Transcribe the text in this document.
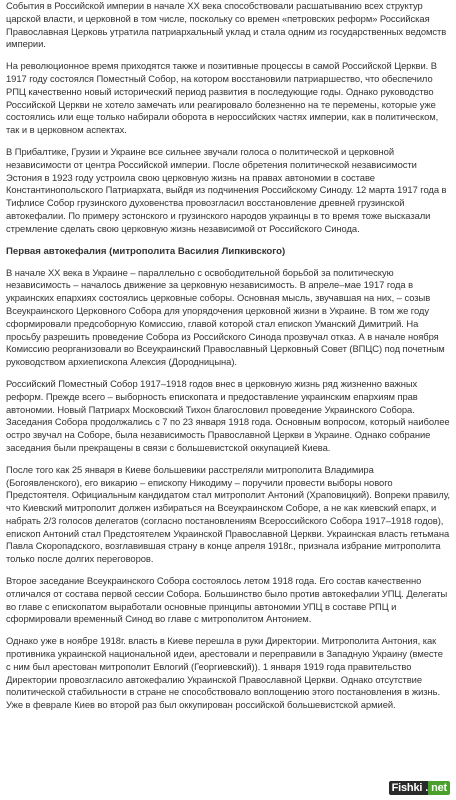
События в Российской империи в начале XX века способствовали расшатыванию всех структур царской власти, и церковной в том числе, поскольку со времен «петровских реформ» Российская Православная Церковь утратила патриархальный уклад и стала одним из государственных ведомств империи.

На революционное время приходятся также и позитивные процессы в самой Российской Церкви. В 1917 году состоялся Поместный Собор, на котором восстановили патриаршество, что обеспечило РПЦ качественно новый исторический период развития в последующие годы. Однако руководство Российской Церкви не хотело замечать или реагировало болезненно на те перемены, которые уже состоялись или еще только набирали оборота в нероссийских частях империи, как в политическом, так и в церковном аспектах.

В Прибалтике, Грузии и Украине все сильнее звучали голоса о политической и церковной независимости от центра Российской империи. После обретения политической независимости Эстония в 1923 году устроила свою церковную жизнь на правах автономии в составе Константинопольского Патриархата, выйдя из подчинения Российскому Синоду. 12 марта 1917 года в Тифлисе Собор грузинского духовенства провозгласил восстановление древней грузинской автокефалии. По примеру эстонского и грузинского народов украинцы в то время тоже высказали стремление сделать свою церковную жизнь независимой от Российского Синода.

Первая автокефалия (митрополита Василия Липкивского)

В начале XX века в Украине – параллельно с освободительной борьбой за политическую независимость – началось движение за церковную независимость. В апреле–мае 1917 года в украинских епархиях состоялись церковные соборы. Основная мысль, звучавшая на них, – созыв Всеукраинского Церковного Собора для упорядочения церковной жизни в Украине. В том же году сформировали предсоборную Комиссию, главой которой стал епископ Уманский Димитрий. На просьбу разрешить проведение Собора из Российского Синода прозвучал отказ. А в начале ноября Комиссию реорганизовали во Всеукраинский Православный Церковный Совет (ВПЦС) под почетным руководством архиепископа Алексия (Дородницына).

Российский Поместный Собор 1917–1918 годов внес в церковную жизнь ряд жизненно важных реформ. Прежде всего – выборность епископата и предоставление украинским епархиям прав автономии. Новый Патриарх Московский Тихон благословил проведение Украинского Собора. Заседания Собора продолжались с 7 по 23 января 1918 года. Основным вопросом, который наиболее остро звучал на Соборе, была независимость Православной Церкви в Украине. Однако собрание заседания были прекращены в связи с большевистской оккупацией Киева.

После того как 25 января в Киеве большевики расстреляли митрополита Владимира (Богоявленского), его викарию – епископу Никодиму – поручили провести выборы нового Предстоятеля. Официальным кандидатом стал митрополит Антоний (Храповицкий). Вопреки правилу, что Киевский митрополит должен избираться на Всеукраинском Соборе, а не как киевский епарх, и набрать 2/3 голосов делегатов (согласно постановлениям Всероссийского Собора 1917–1918 годов), епископ Антоний стал Предстоятелем Украинской Православной Церкви. Украинская власть гетьмана Павла Скоропадского, возглавившая страну в конце апреля 1918г., признала избрание митрополита только после долгих переговоров.

Второе заседание Всеукраинского Собора состоялось летом 1918 года. Его состав качественно отличался от состава первой сессии Собора. Большинство было против автокефалии УПЦ. Делегаты во главе с епископатом выработали основные принципы автономии УПЦ в составе РПЦ и сформировали временный Синод во главе с митрополитом Антонием.

Однако уже в ноябре 1918г. власть в Киеве перешла в руки Директории. Митрополита Антония, как противника украинской национальной идеи, арестовали и переправили в Западную Украину (вместе с ним был арестован митрополит Евлогий (Георгиевский)). 1 января 1919 года правительство Директории провозгласило автокефалию Украинской Православной Церкви. Однако отсутствие политической стабильности в стране не способствовало воплощению этого постановления в жизнь. Уже в феврале Киев во второй раз был оккупирован российской большевистской армией.

Fishki . net
